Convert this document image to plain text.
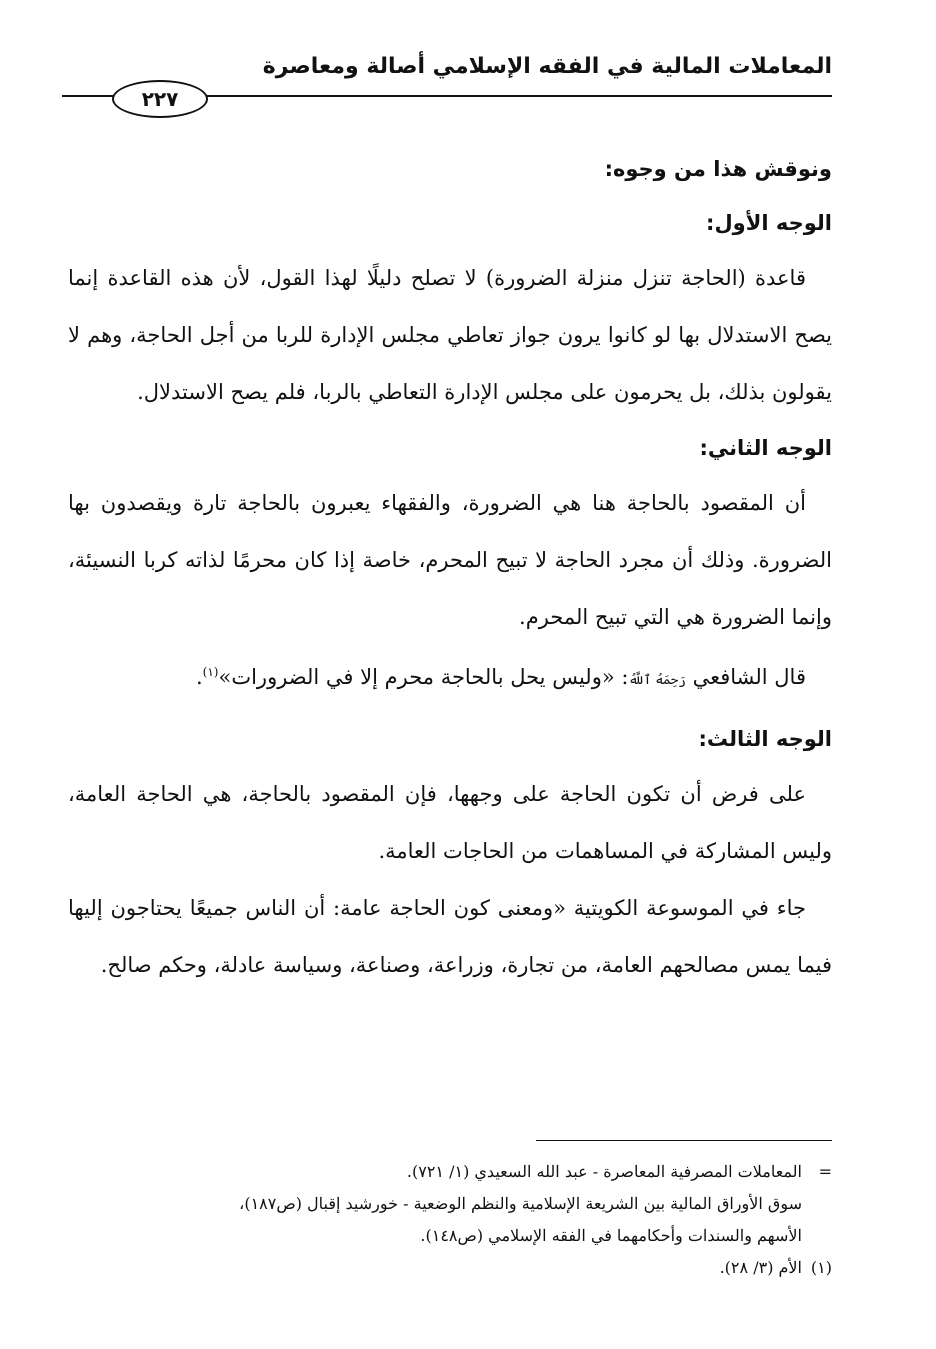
المعاملات المالية في الفقه الإسلامي أصالة ومعاصرة
٢٢٧

ونوقش هذا من وجوه:

الوجه الأول:

قاعدة (الحاجة تنزل منزلة الضرورة) لا تصلح دليلًا لهذا القول، لأن هذه القاعدة إنما يصح الاستدلال بها لو كانوا يرون جواز تعاطي مجلس الإدارة للربا من أجل الحاجة، وهم لا يقولون بذلك، بل يحرمون على مجلس الإدارة التعاطي بالربا، فلم يصح الاستدلال.

الوجه الثاني:

أن المقصود بالحاجة هنا هي الضرورة، والفقهاء يعبرون بالحاجة تارة ويقصدون بها الضرورة. وذلك أن مجرد الحاجة لا تبيح المحرم، خاصة إذا كان محرمًا لذاته كربا النسيئة، وإنما الضرورة هي التي تبيح المحرم.

قال الشافعي رَحِمَهُ ٱللَّهُ: «وليس يحل بالحاجة محرم إلا في الضرورات»$^{(١)}$.

الوجه الثالث:

على فرض أن تكون الحاجة على وجهها، فإن المقصود بالحاجة، هي الحاجة العامة، وليس المشاركة في المساهمات من الحاجات العامة.

جاء في الموسوعة الكويتية «ومعنى كون الحاجة عامة: أن الناس جميعًا يحتاجون إليها فيما يمس مصالحهم العامة، من تجارة، وزراعة، وصناعة، وسياسة عادلة، وحكم صالح.

=المعاملات المصرفية المعاصرة - عبد الله السعيدي (١/ ٧٢١).

سوق الأوراق المالية بين الشريعة الإسلامية والنظم الوضعية - خورشيد إقبال (ص١٨٧)،

الأسهم والسندات وأحكامهما في الفقه الإسلامي (ص١٤٨).

(١)الأم (٣/ ٢٨).
